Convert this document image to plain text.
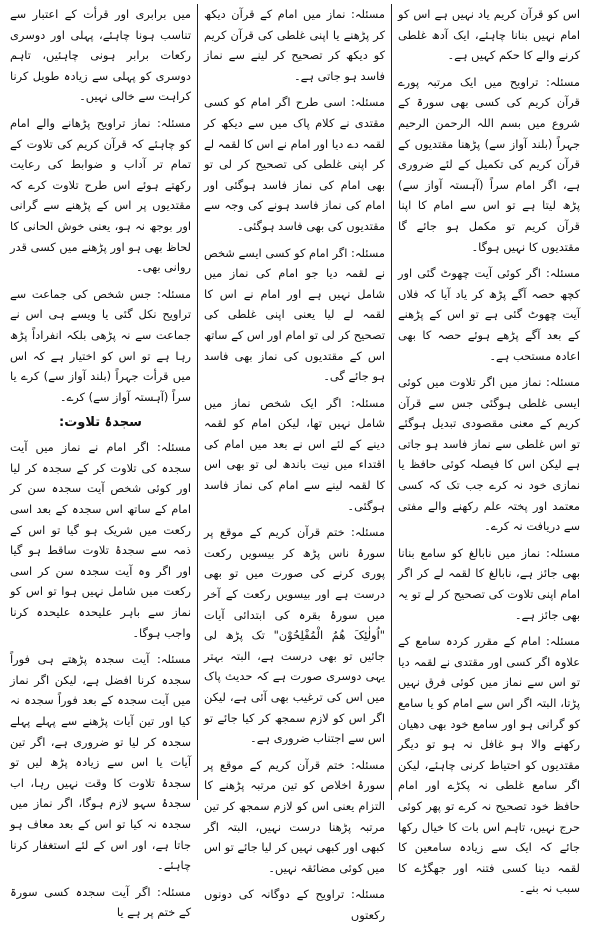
اس کو قرآن کریم یاد نہیں ہے اس کو امام نہیں بنانا چاہئے، ایک آدھ غلطی کرنے والے کا حکم کہیں ہے۔

مسئلہ: تراویح میں ایک مرتبہ پورے قرآن کریم کی کسی بھی سورۃ کے شروع میں بسم اللہ الرحمن الرحیم جہراً (بلند آواز سے) پڑھنا مقتدیوں کے قرآن کریم کی تکمیل کے لئے ضروری ہے، اگر امام سراً (آہستہ آواز سے) پڑھ لیتا ہے تو اس سے امام کا اپنا قرآن کریم تو مکمل ہو جائے گا مقتدیوں کا نہیں ہوگا۔

مسئلہ: اگر کوئی آیت چھوٹ گئی اور کچھ حصہ آگے پڑھ کر یاد آیا کہ فلاں آیت چھوٹ گئی ہے تو اس کے پڑھنے کے بعد آگے پڑھے ہوئے حصہ کا بھی اعادہ مستحب ہے۔

مسئلہ: نماز میں اگر تلاوت میں کوئی ایسی غلطی ہوگئی جس سے قرآن کریم کے معنی مقصودی تبدیل ہوگئے تو اس غلطی سے نماز فاسد ہو جاتی ہے لیکن اس کا فیصلہ کوئی حافظ یا نمازی خود نہ کرے جب تک کہ کسی معتمد اور پختہ علم رکھنے والے مفتی سے دریافت نہ کرے۔

مسئلہ: نماز میں نابالغ کو سامع بنانا بھی جائز ہے، نابالغ کا لقمہ لے کر اگر امام اپنی تلاوت کی تصحیح کر لے تو یہ بھی جائز ہے۔

مسئلہ: امام کے مقرر کردہ سامع کے علاوہ اگر کسی اور مقتدی نے لقمہ دیا تو اس سے نماز میں کوئی فرق نہیں پڑتا، البتہ اگر اس سے امام کو یا سامع کو گرانی ہو اور سامع خود بھی دھیان رکھنے والا ہو غافل نہ ہو تو دیگر مقتدیوں کو احتیاط کرنی چاہئے، لیکن اگر سامع غلطی نہ پکڑے اور امام حافظ خود تصحیح نہ کرے تو پھر کوئی حرج نہیں، تاہم اس بات کا خیال رکھا جائے کہ ایک سے زیادہ سامعین کا لقمہ دینا کسی فتنہ اور جھگڑے کا سبب نہ بنے۔

مسئلہ: نماز میں امام کے قرآن دیکھ کر پڑھنے یا اپنی غلطی کی قرآن کریم کو دیکھ کر تصحیح کر لینے سے نماز فاسد ہو جاتی ہے۔

مسئلہ: اسی طرح اگر امام کو کسی مقتدی نے کلام پاک میں سے دیکھ کر لقمہ دے دیا اور امام نے اس کا لقمہ لے کر اپنی غلطی کی تصحیح کر لی تو بھی امام کی نماز فاسد ہوگئی اور امام کی نماز فاسد ہونے کی وجہ سے مقتدیوں کی بھی فاسد ہوگئی۔

مسئلہ: اگر امام کو کسی ایسے شخص نے لقمہ دیا جو امام کی نماز میں شامل نہیں ہے اور امام نے اس کا لقمہ لے لیا یعنی اپنی غلطی کی تصحیح کر لی تو امام اور اس کے ساتھ اس کے مقتدیوں کی نماز بھی فاسد ہو جائے گی۔

مسئلہ: اگر ایک شخص نماز میں شامل نہیں تھا، لیکن امام کو لقمہ دینے کے لئے اس نے بعد میں امام کی اقتداء میں نیت باندھ لی تو بھی اس کا لقمہ لینے سے امام کی نماز فاسد ہوگئی۔

مسئلہ: ختم قرآن کریم کے موقع پر سورۂ ناس پڑھ کر بیسویں رکعت پوری کرنے کی صورت میں تو بھی درست ہے اور بیسویں رکعت کے آخر میں سورۂ بقرہ کی ابتدائی آیات "اُولٰئِکَ ھُمُ الْمُفْلِحُوْن" تک پڑھ لی جائیں تو بھی درست ہے، البتہ بہتر یہی دوسری صورت ہے کہ حدیث پاک میں اس کی ترغیب بھی آئی ہے، لیکن اگر اس کو لازم سمجھ کر کیا جائے تو اس سے اجتناب ضروری ہے۔

مسئلہ: ختم قرآن کریم کے موقع پر سورۂ اخلاص کو تین مرتبہ پڑھنے کا التزام یعنی اس کو لازم سمجھ کر تین مرتبہ پڑھنا درست نہیں، البتہ اگر کبھی اور کبھی نہیں کر لیا جائے تو اس میں کوئی مضائقہ نہیں۔

مسئلہ: تراویح کے دوگانہ کی دونوں رکعتوں

میں برابری اور قرأت کے اعتبار سے تناسب ہونا چاہئے، پہلی اور دوسری رکعات برابر ہونی چاہئیں، تاہم دوسری کو پہلی سے زیادہ طویل کرنا کراہت سے خالی نہیں۔

مسئلہ: نماز تراویح پڑھانے والے امام کو چاہئے کہ قرآن کریم کی تلاوت کے تمام تر آداب و ضوابط کی رعایت رکھتے ہوئے اس طرح تلاوت کرے کہ مقتدیوں پر اس کے پڑھنے سے گرانی اور بوجھ نہ ہو، یعنی خوش الحانی کا لحاظ بھی ہو اور پڑھنے میں کسی قدر روانی بھی۔

مسئلہ: جس شخص کی جماعت سے تراویح نکل گئی یا ویسے ہی اس نے جماعت سے نہ پڑھی بلکہ انفراداً پڑھ رہا ہے تو اس کو اختیار ہے کہ اس میں قرأت جہراً (بلند آواز سے) کرے یا سراً (آہستہ آواز سے) کرے۔

سجدۂ تلاوت:

مسئلہ: اگر امام نے نماز میں آیت سجدہ کی تلاوت کر کے سجدہ کر لیا اور کوئی شخص آیت سجدہ سن کر امام کے ساتھ اس سجدہ کے بعد اسی رکعت میں شریک ہو گیا تو اس کے ذمہ سے سجدۂ تلاوت ساقط ہو گیا اور اگر وہ آیت سجدہ سن کر اسی رکعت میں شامل نہیں ہوا تو اس کو نماز سے باہر علیحدہ علیحدہ کرنا واجب ہوگا۔

مسئلہ: آیت سجدہ پڑھتے ہی فوراً سجدہ کرنا افضل ہے، لیکن اگر نماز میں آیت سجدہ کے بعد فوراً سجدہ نہ کیا اور تین آیات پڑھنے سے پہلے پہلے سجدہ کر لیا تو ضروری ہے، اگر تین آیات یا اس سے زیادہ پڑھ لیں تو سجدۂ تلاوت کا وقت نہیں رہا، اب سجدۂ سہو لازم ہوگا، اگر نماز میں سجدہ نہ کیا تو اس کے بعد معاف ہو جاتا ہے، اور اس کے لئے استغفار کرنا چاہئے۔

مسئلہ: اگر آیت سجدہ کسی سورۃ کے ختم پر ہے یا
